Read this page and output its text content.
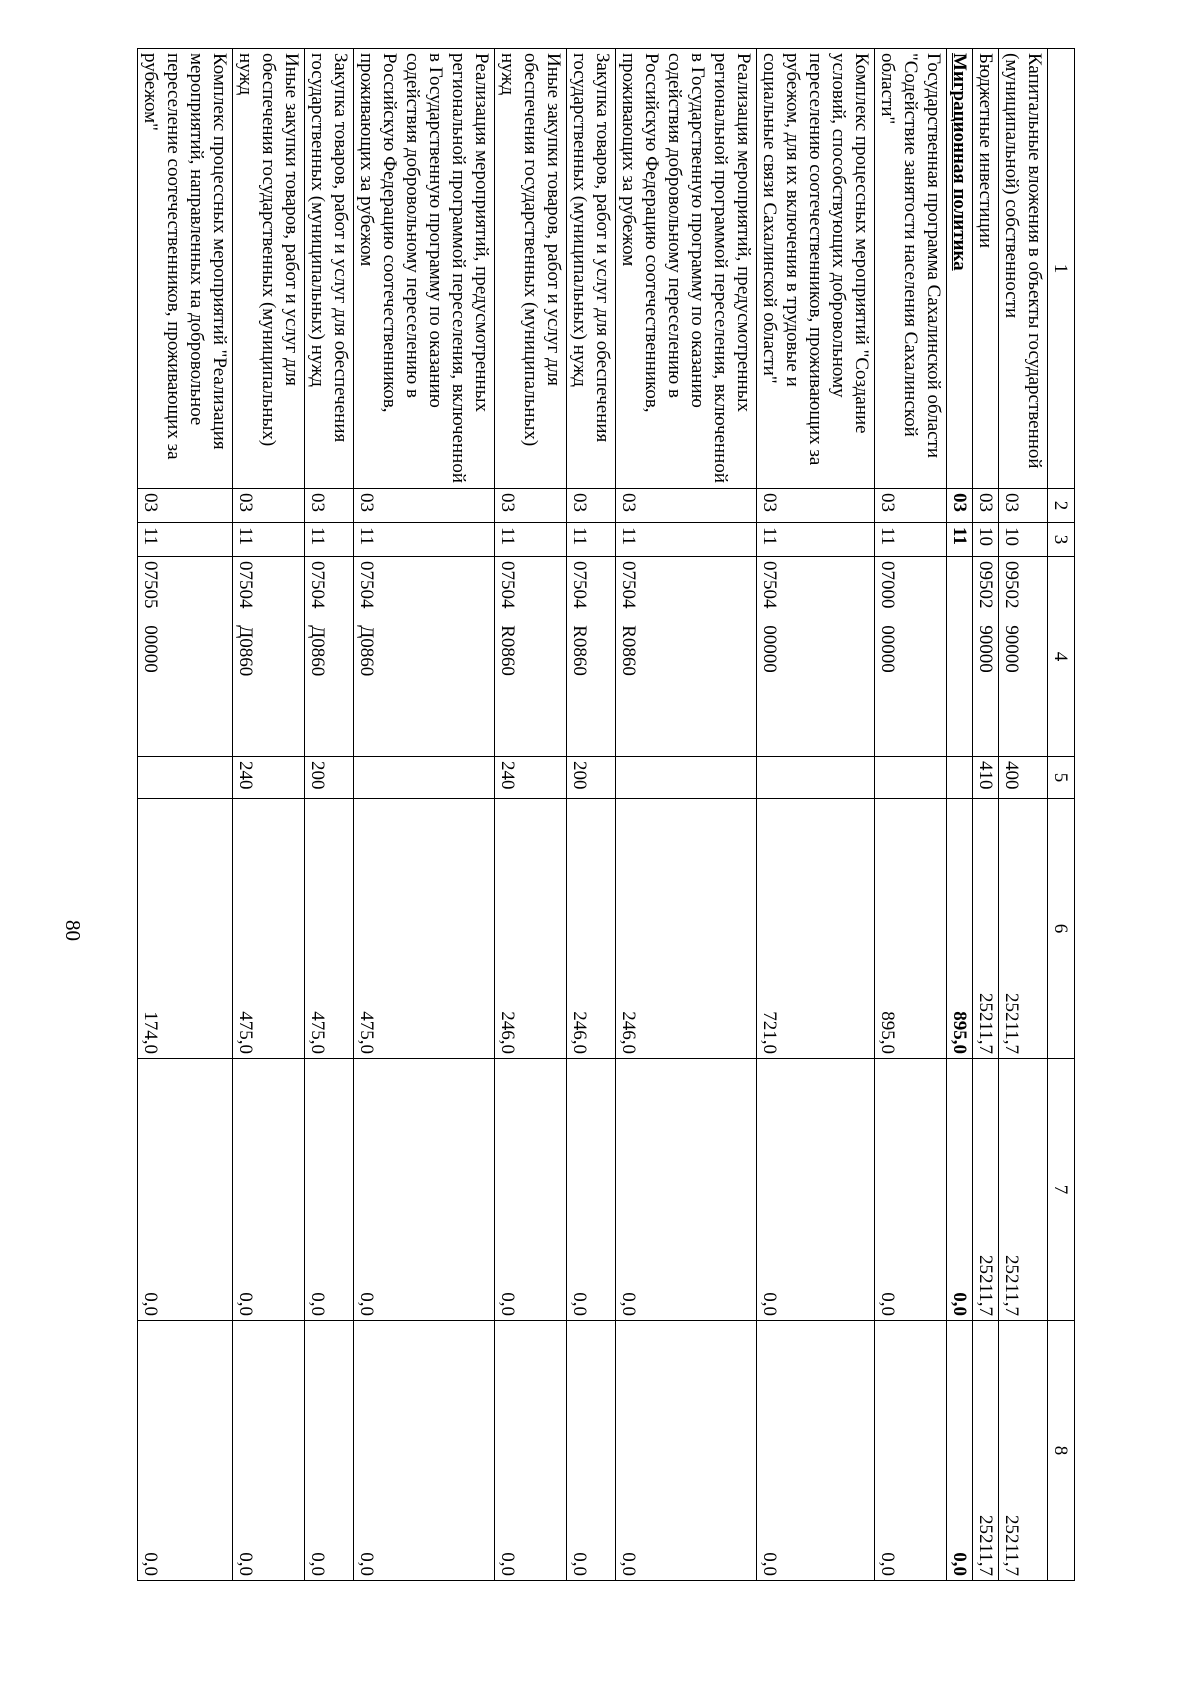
80
1	2	3	4	5	6	7	8
Капитальные вложения в объекты государственной (муниципальной) собственности	03	10	09502 90000	400	25211,7	25211,7	25211,7
Бюджетные инвестиции	03	10	09502 90000	410	25211,7	25211,7	25211,7
Миграционная политика	03	11			895,0	0,0	0,0
Государственная программа Сахалинской области "Содействие занятости населения Сахалинской области"	03	11	07000 00000		895,0	0,0	0,0
Комплекс процессных мероприятий "Создание условий, способствующих добровольному переселению соотечественников, проживающих за рубежом, для их включения в трудовые и социальные связи Сахалинской области"	03	11	07504 00000		721,0	0,0	0,0
Реализация мероприятий, предусмотренных региональной программой переселения, включенной в Государственную программу по оказанию содействия добровольному переселению в Российскую Федерацию соотечественников, проживающих за рубежом	03	11	07504 R0860		246,0	0,0	0,0
Закупка товаров, работ и услуг для обеспечения государственных (муниципальных) нужд	03	11	07504 R0860	200	246,0	0,0	0,0
Иные закупки товаров, работ и услуг для обеспечения государственных (муниципальных) нужд	03	11	07504 R0860	240	246,0	0,0	0,0
Реализация мероприятий, предусмотренных региональной программой переселения, включенной в Государственную программу по оказанию содействия добровольному переселению в Российскую Федерацию соотечественников, проживающих за рубежом	03	11	07504 Д0860		475,0	0,0	0,0
Закупка товаров, работ и услуг для обеспечения государственных (муниципальных) нужд	03	11	07504 Д0860	200	475,0	0,0	0,0
Иные закупки товаров, работ и услуг для обеспечения государственных (муниципальных) нужд	03	11	07504 Д0860	240	475,0	0,0	0,0
Комплекс процессных мероприятий "Реализация мероприятий, направленных на добровольное переселение соотечественников, проживающих за рубежом"	03	11	07505 00000		174,0	0,0	0,0
